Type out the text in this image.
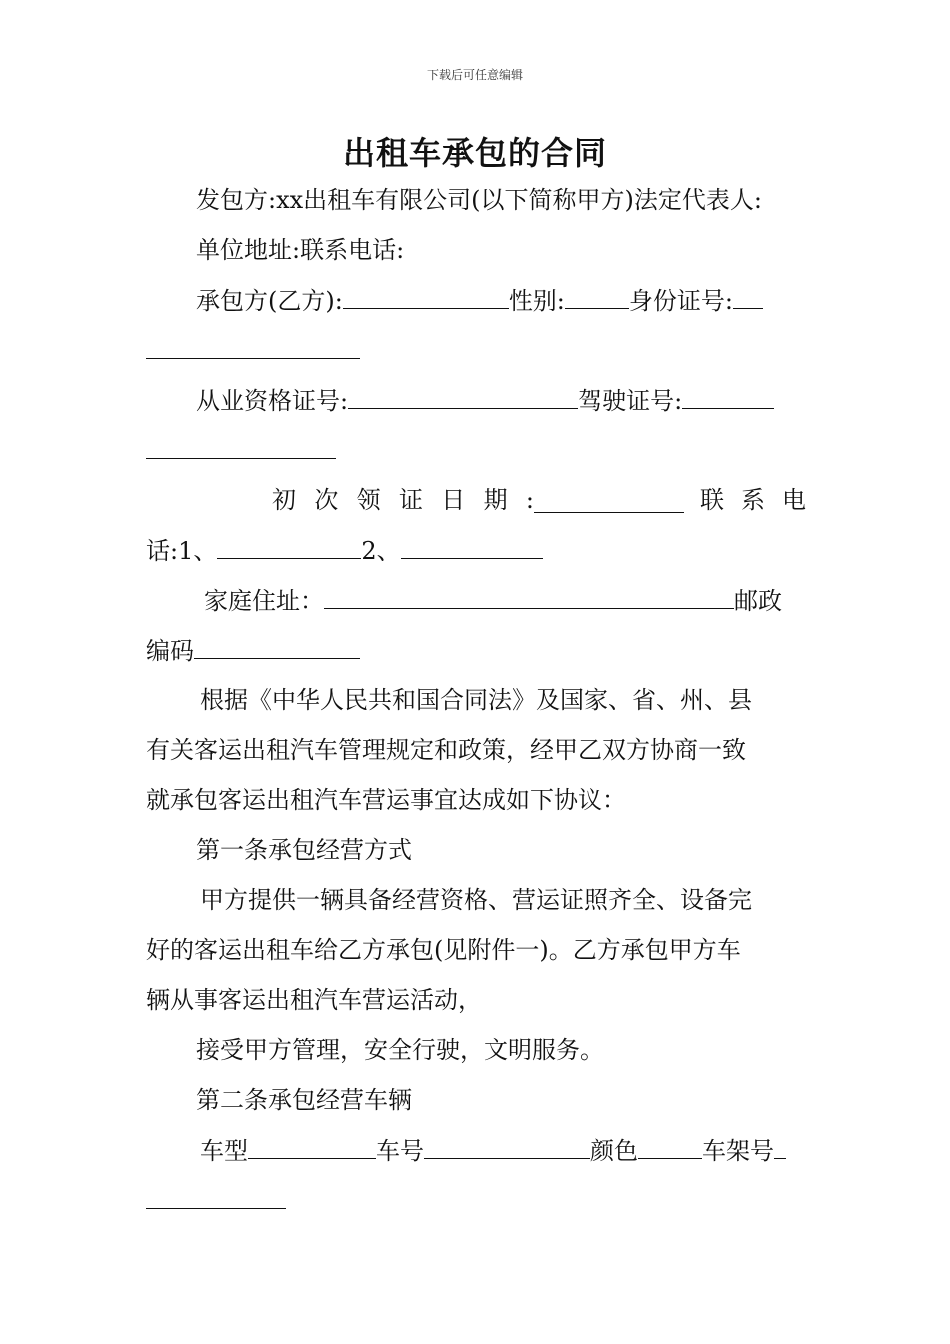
下载后可任意编辑
出租车承包的合同
发包方:xx出租车有限公司(以下简称甲方)法定代表人:
单位地址:联系电话:
承包方(乙方):	性别:	身份证号:
从业资格证号:	驾驶证号:
初 次 领 证 日 期 :	联 系 电
话:1、	2、
家庭住址：	邮政
编码
根据《中华人民共和国合同法》及国家、省、州、县
有关客运出租汽车管理规定和政策，经甲乙双方协商一致
就承包客运出租汽车营运事宜达成如下协议：
第一条承包经营方式
甲方提供一辆具备经营资格、营运证照齐全、设备完
好的客运出租车给乙方承包(见附件一)。乙方承包甲方车
辆从事客运出租汽车营运活动，
接受甲方管理，安全行驶，文明服务。
第二条承包经营车辆
车型	车号	颜色	车架号
